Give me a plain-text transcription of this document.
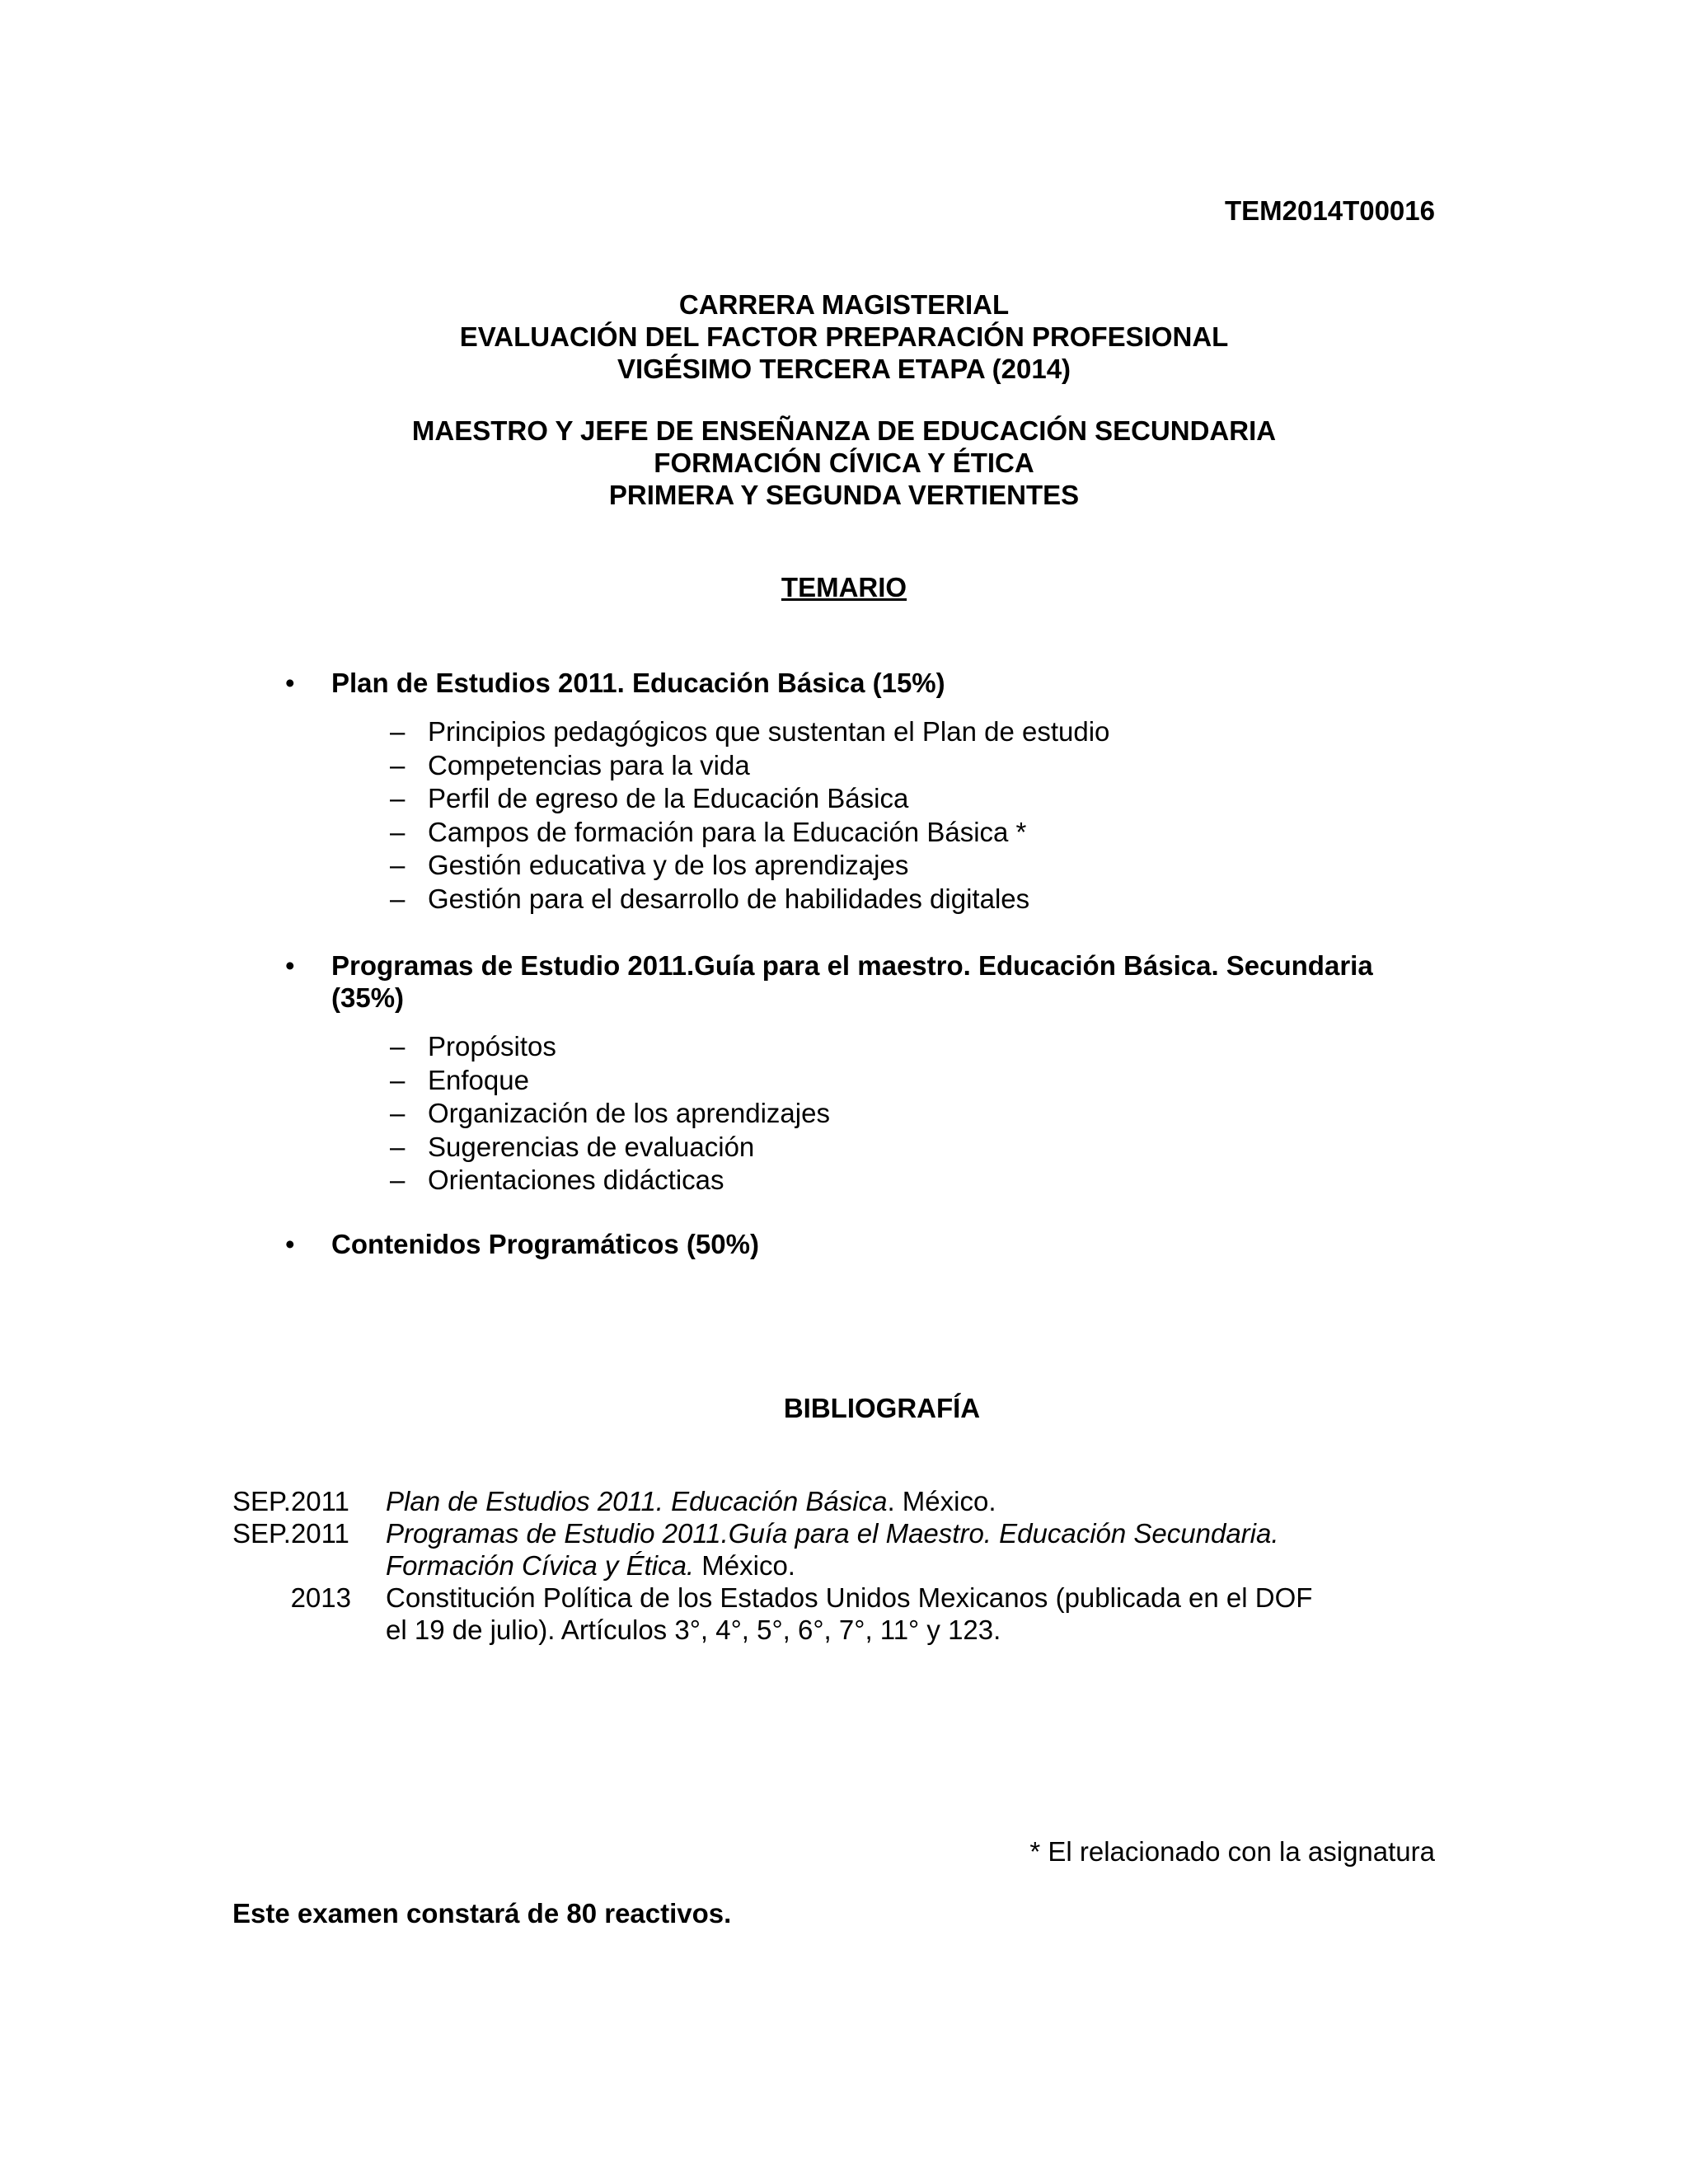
TEM2014T00016
CARRERA MAGISTERIAL
EVALUACIÓN DEL FACTOR PREPARACIÓN PROFESIONAL
VIGÉSIMO TERCERA ETAPA (2014)
MAESTRO Y JEFE DE ENSEÑANZA DE EDUCACIÓN SECUNDARIA
FORMACIÓN CÍVICA Y ÉTICA
PRIMERA Y SEGUNDA VERTIENTES
TEMARIO
• Plan de Estudios 2011. Educación Básica (15%)
– Principios pedagógicos que sustentan el Plan de estudio
– Competencias para la vida
– Perfil de egreso de la Educación Básica
– Campos de formación para la Educación Básica *
– Gestión educativa y de los aprendizajes
– Gestión para el desarrollo de habilidades digitales
• Programas de Estudio 2011.Guía para el maestro. Educación Básica. Secundaria (35%)
– Propósitos
– Enfoque
– Organización de los aprendizajes
– Sugerencias de evaluación
– Orientaciones didácticas
• Contenidos Programáticos (50%)
BIBLIOGRAFÍA
SEP.2011 Plan de Estudios 2011. Educación Básica. México.
SEP.2011 Programas de Estudio 2011.Guía para el Maestro. Educación Secundaria.
Formación Cívica y Ética. México.
2013 Constitución Política de los Estados Unidos Mexicanos (publicada en el DOF
el 19 de julio). Artículos 3°, 4°, 5°, 6°, 7°, 11° y 123.
* El relacionado con la asignatura
Este examen constará de 80 reactivos.
